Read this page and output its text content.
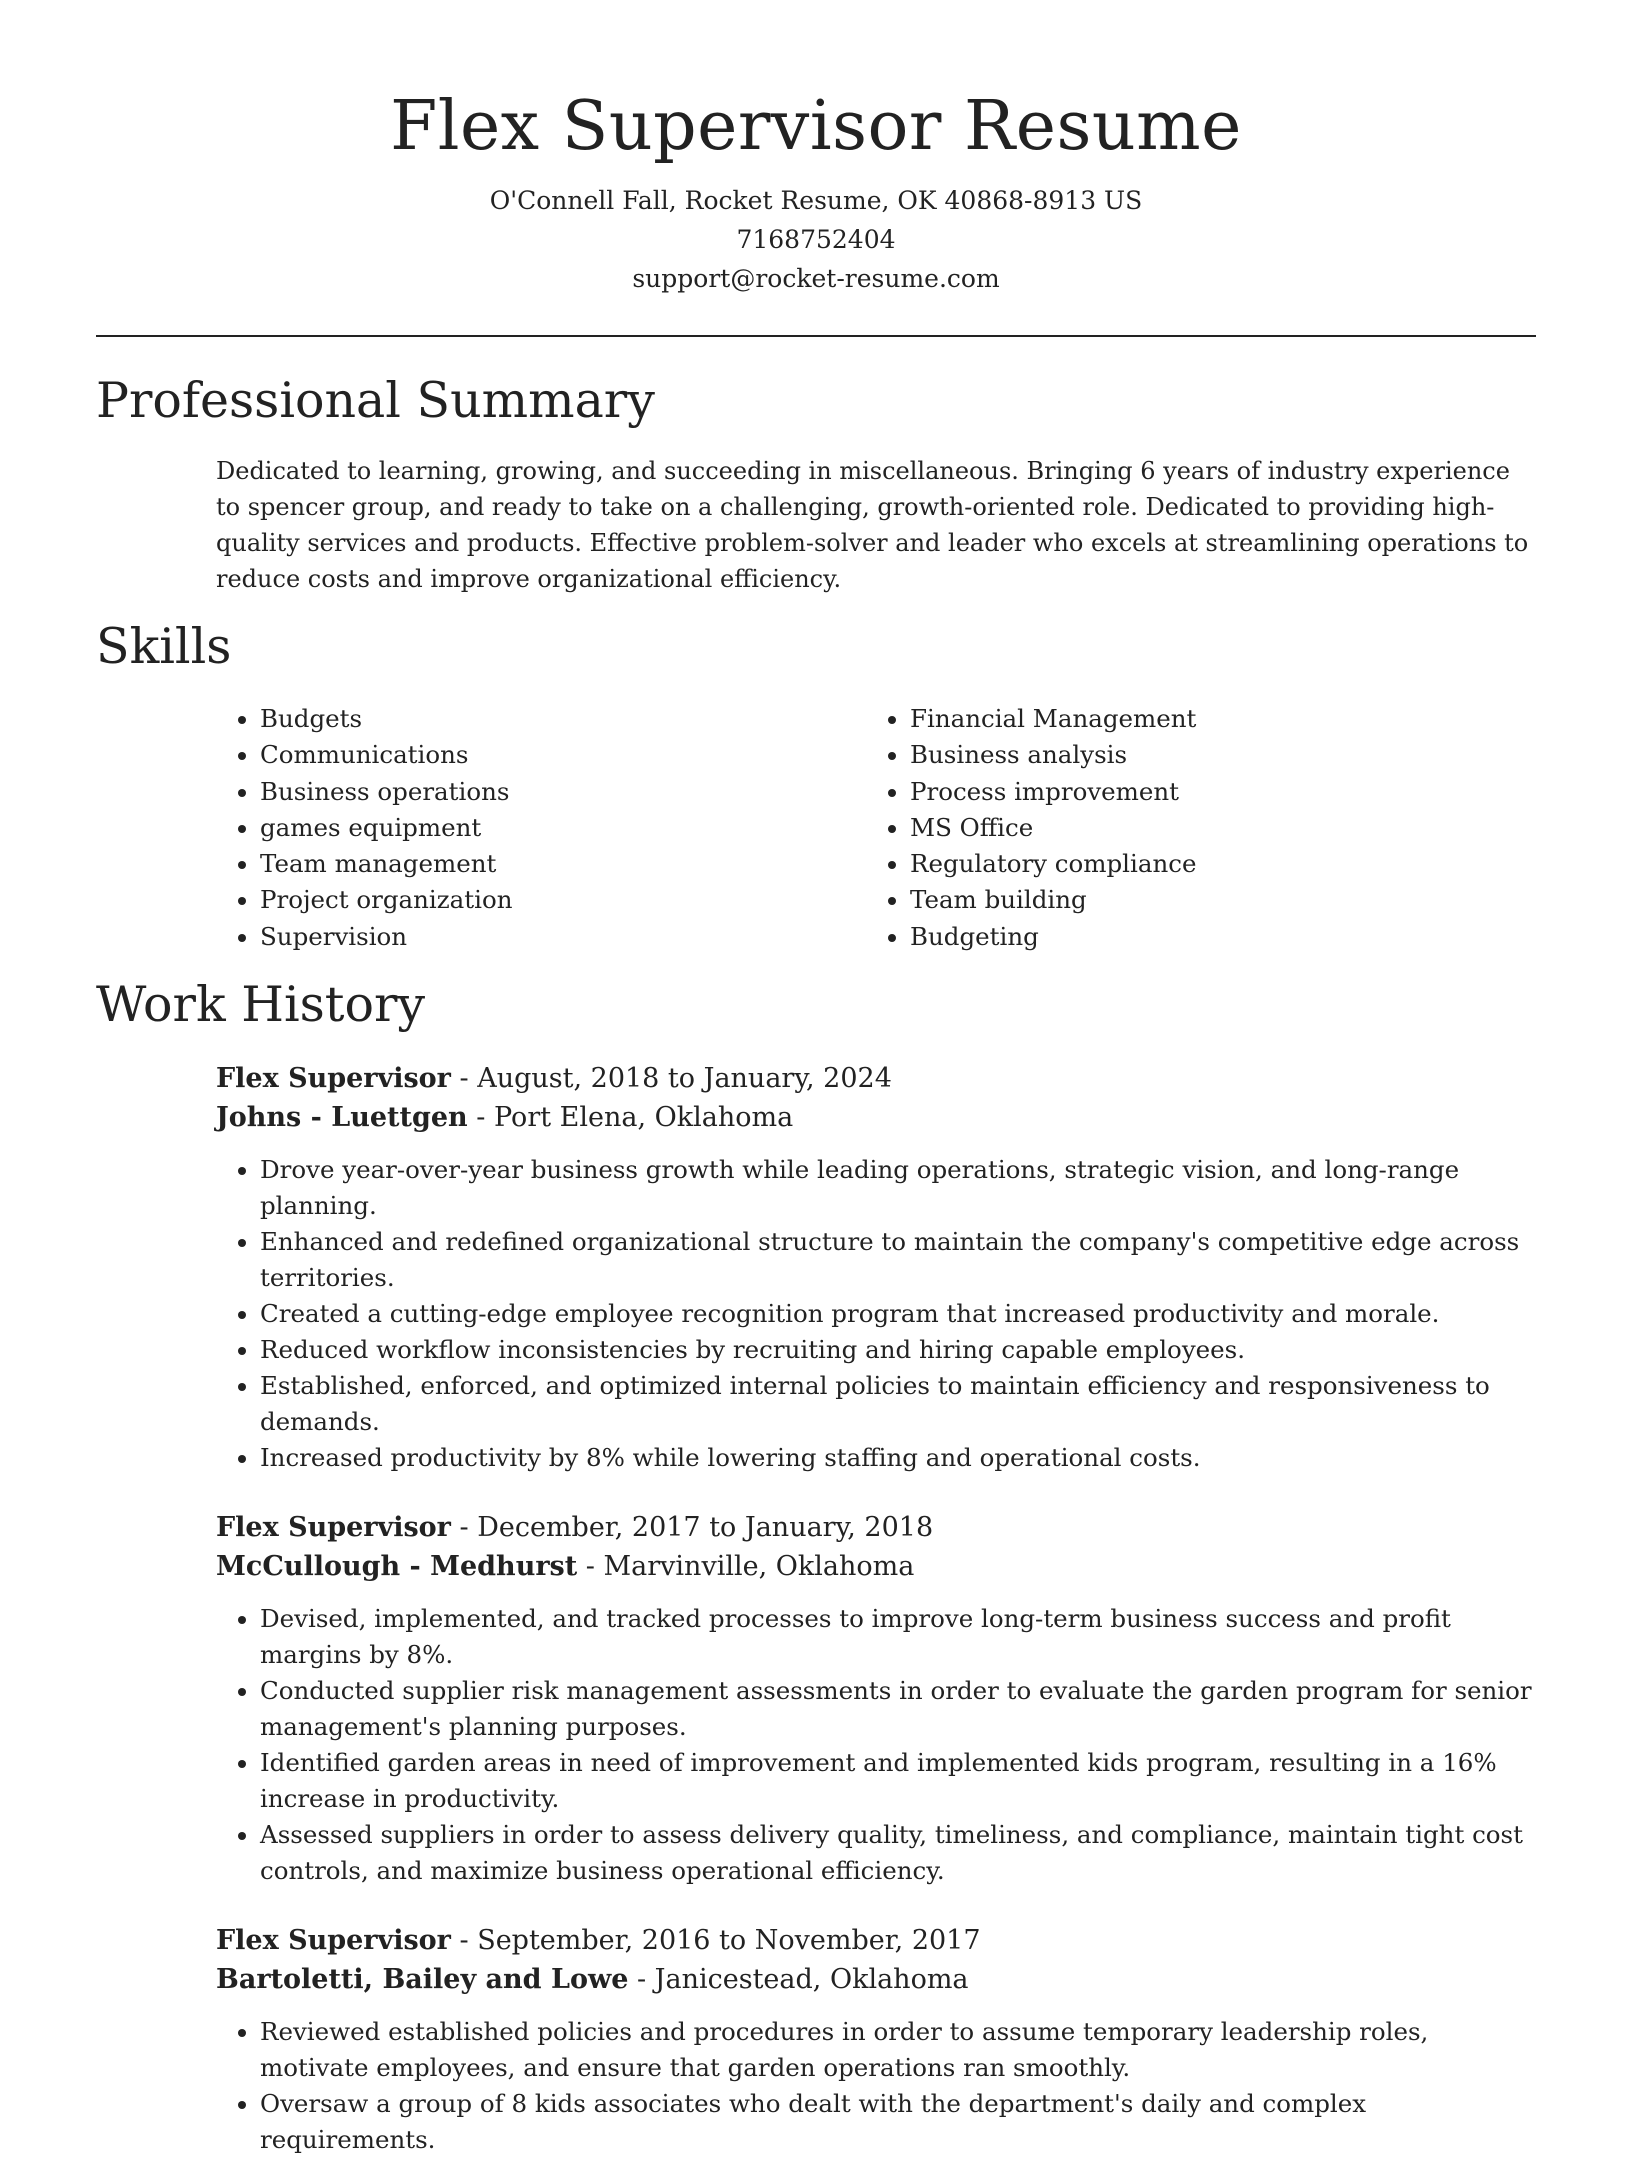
Flex Supervisor Resume
O'Connell Fall, Rocket Resume, OK 40868-8913 US
7168752404
support@rocket-resume.com
Professional Summary

Dedicated to learning, growing, and succeeding in miscellaneous. Bringing 6 years of industry experience to spencer group, and ready to take on a challenging, growth-oriented role. Dedicated to providing high-quality services and products. Effective problem-solver and leader who excels at streamlining operations to reduce costs and improve organizational efficiency.

Skills
• Budgets
• Communications
• Business operations
• games equipment
• Team management
• Project organization
• Supervision
• Financial Management
• Business analysis
• Process improvement
• MS Office
• Regulatory compliance
• Team building
• Budgeting
Work History
Flex Supervisor - August, 2018 to January, 2024
Johns - Luettgen - Port Elena, Oklahoma
• Drove year-over-year business growth while leading operations, strategic vision, and long-range planning.
• Enhanced and redefined organizational structure to maintain the company's competitive edge across territories.
• Created a cutting-edge employee recognition program that increased productivity and morale.
• Reduced workflow inconsistencies by recruiting and hiring capable employees.
• Established, enforced, and optimized internal policies to maintain efficiency and responsiveness to demands.
• Increased productivity by 8% while lowering staffing and operational costs.
Flex Supervisor - December, 2017 to January, 2018
McCullough - Medhurst - Marvinville, Oklahoma
• Devised, implemented, and tracked processes to improve long-term business success and profit margins by 8%.
• Conducted supplier risk management assessments in order to evaluate the garden program for senior management's planning purposes.
• Identified garden areas in need of improvement and implemented kids program, resulting in a 16% increase in productivity.
• Assessed suppliers in order to assess delivery quality, timeliness, and compliance, maintain tight cost controls, and maximize business operational efficiency.
Flex Supervisor - September, 2016 to November, 2017
Bartoletti, Bailey and Lowe - Janicestead, Oklahoma
• Reviewed established policies and procedures in order to assume temporary leadership roles, motivate employees, and ensure that garden operations ran smoothly.
• Oversaw a group of 8 kids associates who dealt with the department's daily and complex requirements.
